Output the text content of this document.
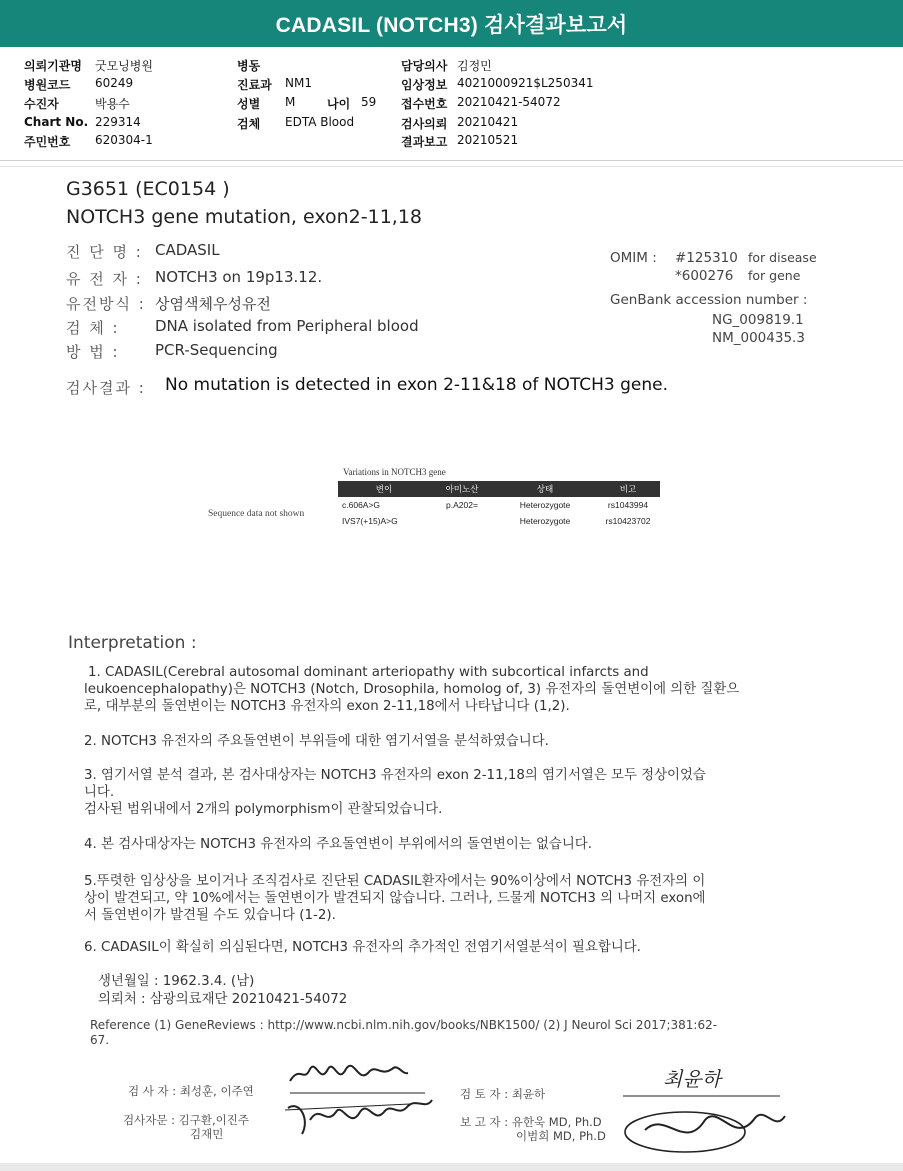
CADASIL (NOTCH3) 검사결과보고서
의뢰기관명 굿모닝병원
병원코드 60249
수진자	박용수
Chart No. 229314
주민번호 620304-1
병동
진료과 NM1
성별 M
검체 EDTA Blood
나이 59
담당의사 김정민
임상정보 4021000921$L250341
접수번호 20210421-54072
검사의뢰 20210421
결과보고 20210521
G3651 (EC0154 )
NOTCH3 gene mutation, exon2-11,18
진 단 명 : CADASIL
유 전 자 : NOTCH3 on 19p13.12.
유전방식 : 상염색체우성유전
검 체 : DNA isolated from Peripheral blood
방 법 : PCR-Sequencing
OMIM : #125310 for disease
*600276 for gene
GenBank accession number :
NG_009819.1
NM_000435.3
검사결과 : No mutation is detected in exon 2-11&18 of NOTCH3 gene.
Variations in NOTCH3 gene
Sequence data not shown
변이	아미노산	상태	비고
c.606A>G	p.A202=	Heterozygote	rs1043994
IVS7(+15)A>G		Heterozygote	rs10423702
Interpretation :
1. CADASIL(Cerebral autosomal dominant arteriopathy with subcortical infarcts and
leukoencephalopathy)은 NOTCH3 (Notch, Drosophila, homolog of, 3) 유전자의 돌연변이에 의한 질환으
로, 대부분의 돌연변이는 NOTCH3 유전자의 exon 2-11,18에서 나타납니다 (1,2).
2. NOTCH3 유전자의 주요돌연변이 부위들에 대한 염기서열을 분석하였습니다.
3. 염기서열 분석 결과, 본 검사대상자는 NOTCH3 유전자의 exon 2-11,18의 염기서열은 모두 정상이었습
니다.
검사된 범위내에서 2개의 polymorphism이 관찰되었습니다.
4. 본 검사대상자는 NOTCH3 유전자의 주요돌연변이 부위에서의 돌연변이는 없습니다.
5.뚜렷한 임상상을 보이거나 조직검사로 진단된 CADASIL환자에서는 90%이상에서 NOTCH3 유전자의 이
상이 발견되고, 약 10%에서는 돌연변이가 발견되지 않습니다. 그러나, 드물게 NOTCH3 의 나머지 exon에
서 돌연변이가 발견될 수도 있습니다 (1-2).
6. CADASIL이 확실히 의심된다면, NOTCH3 유전자의 추가적인 전염기서열분석이 필요합니다.
생년월일 : 1962.3.4. (남)
의뢰처 : 삼광의료재단 20210421-54072
Reference (1) GeneReviews : http://www.ncbi.nlm.nih.gov/books/NBK1500/ (2) J Neurol Sci 2017;381:62-
67.
검 사 자 : 최성훈, 이주연
검사자문 : 김구환,이진주
김재민
검 토 자 : 최윤하
보 고 자 : 유한욱 MD, Ph.D
이범희 MD, Ph.D
최윤하
